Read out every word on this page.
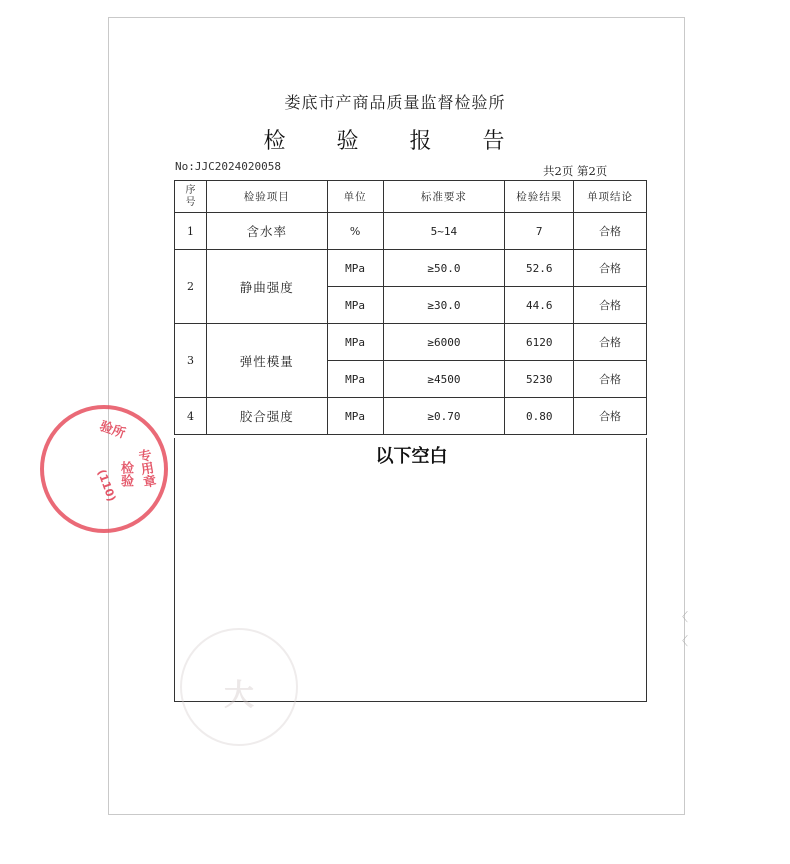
娄底市产商品质量监督检验所
检 验 报 告
No:JJC2024020058	共2页 第2页
序号	检验项目	单位	标准要求	检验结果	单项结论
1	含水率	%	5~14	7	合格
2	静曲强度	MPa	≥50.0	52.6	合格
		MPa	≥30.0	44.6	合格
3	弹性模量	MPa	≥6000	6120	合格
		MPa	≥4500	5230	合格
4	胶合强度	MPa	≥0.70	0.80	合格
以下空白
大
验所
专用章
检验
(110)
〈
〈
